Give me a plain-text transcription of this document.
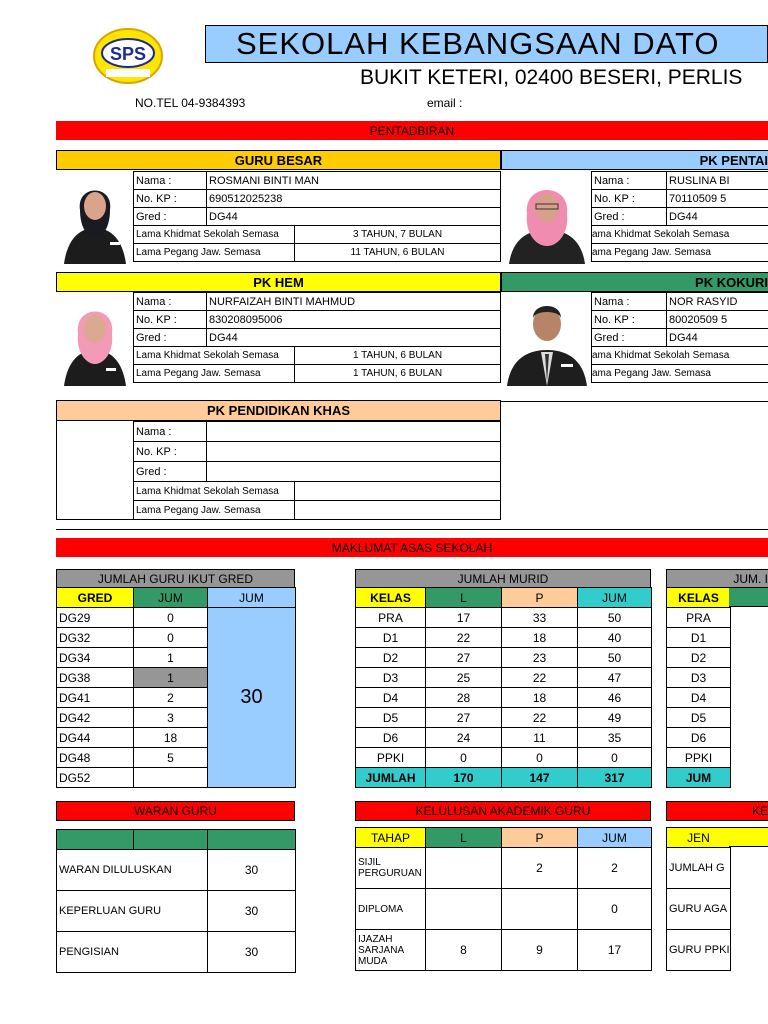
SPS	SEKOLAH KEBANGSAAN DATO
BUKIT KETERI, 02400 BESERI, PERLIS
NO.TEL 04-9384393	email :
PENTADBIRAN
GURU BESAR
Nama :	ROSMANI BINTI MAN
No. KP :	690512025238
Gred :	DG44
Lama Khidmat Sekolah Semasa	3 TAHUN, 7 BULAN
Lama Pegang Jaw. Semasa	11 TAHUN, 6 BULAN
PK PENTAI
Nama :	RUSLINA BI
No. KP :	70110509 5
Gred :	DG44
ama Khidmat Sekolah Semasa
ama Pegang Jaw. Semasa
PK HEM
Nama :	NURFAIZAH BINTI MAHMUD
No. KP :	830208095006
Gred :	DG44
Lama Khidmat Sekolah Semasa	1 TAHUN, 6 BULAN
Lama Pegang Jaw. Semasa	1 TAHUN, 6 BULAN
PK KOKURI
Nama :	NOR RASYID
No. KP :	80020509 5
Gred :	DG44
ama Khidmat Sekolah Semasa
ama Pegang Jaw. Semasa
PK PENDIDIKAN KHAS
Nama :
No. KP :
Gred :
Lama Khidmat Sekolah Semasa
Lama Pegang Jaw. Semasa
MAKLUMAT ASAS SEKOLAH
JUMLAH GURU IKUT GRED
GRED	JUM	JUM
DG29	0	30
DG32	0	
DG34	1	
DG38	1	
DG41	2	
DG42	3	
DG44	18	
DG48	5	
DG52		
JUMLAH MURID
KELAS	L	P	JUM
PRA	17	33	50
D1	22	18	40
D2	27	23	50
D3	25	22	47
D4	28	18	46
D5	27	22	49
D6	24	11	35
PPKI	0	0	0
JUMLAH	170	147	317
JUM. I
KELAS
PRA
D1
D2
D3
D4
D5
D6
PPKI
JUM
WARAN GURU

WARAN DILULUSKAN		30
KEPERLUAN GURU		30
PENGISIAN		30
KELULUSAN AKADEMIK GURU
TAHAP	L	P	JUM
SIJIL PERGURUAN		2	2
DIPLOMA			0
IJAZAH SARJANA MUDA	8	9	17
KE
JEN
JUMLAH G
GURU AGA
GURU PPKI
